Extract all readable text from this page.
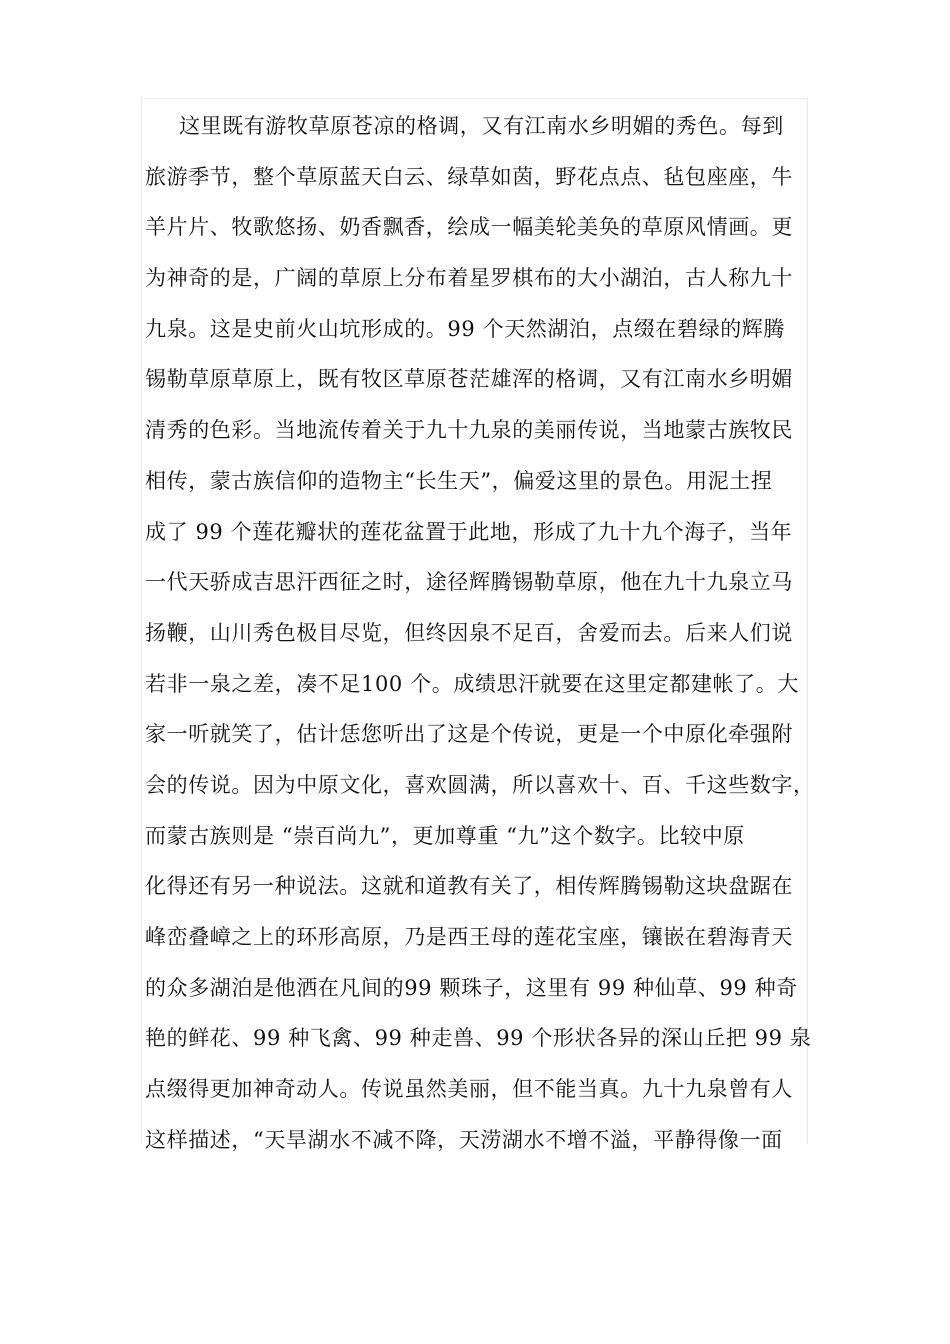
这里既有游牧草原苍凉的格调，又有江南水乡明媚的秀色。每到
旅游季节，整个草原蓝天白云、绿草如茵，野花点点、毡包座座，牛
羊片片、牧歌悠扬、奶香飘香，绘成一幅美轮美奂的草原风情画。更
为神奇的是，广阔的草原上分布着星罗棋布的大小湖泊，古人称九十
九泉。这是史前火山坑形成的。99 个天然湖泊，点缀在碧绿的辉腾
锡勒草原草原上，既有牧区草原苍茫雄浑的格调，又有江南水乡明媚
清秀的色彩。当地流传着关于九十九泉的美丽传说，当地蒙古族牧民
相传，蒙古族信仰的造物主“长生天”，偏爱这里的景色。用泥土捏
成了 99 个莲花瓣状的莲花盆置于此地，形成了九十九个海子，当年
一代天骄成吉思汗西征之时，途径辉腾锡勒草原，他在九十九泉立马
扬鞭，山川秀色极目尽览，但终因泉不足百，舍爱而去。后来人们说
若非一泉之差，凑不足100 个。成绩思汗就要在这里定都建帐了。大
家一听就笑了，估计恁您听出了这是个传说，更是一个中原化牵强附
会的传说。因为中原文化，喜欢圆满，所以喜欢十、百、千这些数字，
而蒙古族则是 “崇百尚九”，更加尊重 “九”这个数字。比较中原
化得还有另一种说法。这就和道教有关了，相传辉腾锡勒这块盘踞在
峰峦叠嶂之上的环形高原，乃是西王母的莲花宝座，镶嵌在碧海青天
的众多湖泊是他洒在凡间的99 颗珠子，这里有 99 种仙草、99 种奇
艳的鲜花、99 种飞禽、99 种走兽、99 个形状各异的深山丘把 99 泉
点缀得更加神奇动人。传说虽然美丽，但不能当真。九十九泉曾有人
这样描述，“天旱湖水不减不降，天涝湖水不增不溢，平静得像一面
